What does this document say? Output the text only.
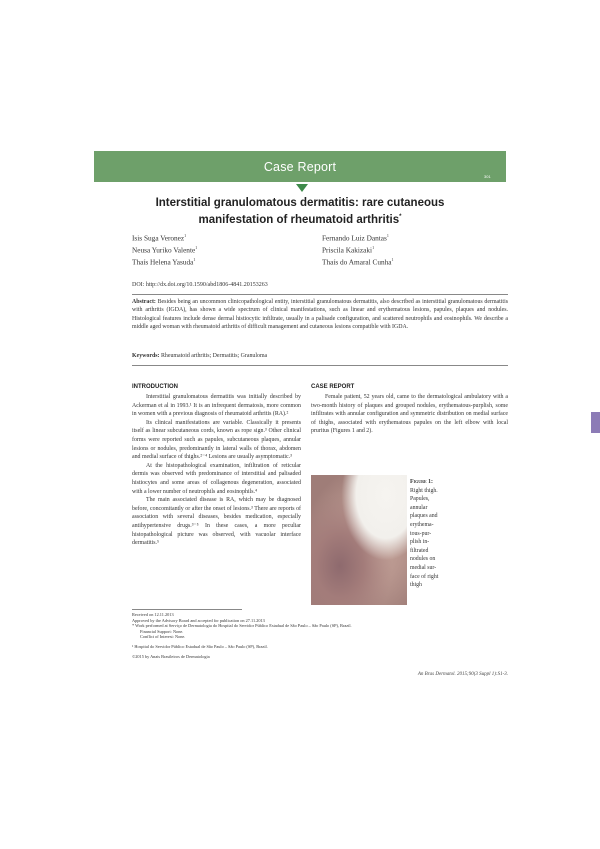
Case Report
301
Interstitial granulomatous dermatitis: rare cutaneous
manifestation of rheumatoid arthritis*
Isis Suga Veronez$^1$
Neusa Yuriko Valente$^1$
Thaís Helena Yasuda$^1$
Fernando Luiz Dantas$^1$
Priscila Kakizaki$^1$
Thaís do Amaral Cunha$^1$
DOI: http://dx.doi.org/10.1590/abd1806-4841.20153263
Abstract: Besides being an uncommon clinicopathological entity, interstitial granulomatous dermatitis, also described as interstitial granulomatous dermatitis with arthritis (IGDA), has shown a wide spectrum of clinical manifestations, such as linear and erythematous lesions, papules, plaques and nodules. Histological features include dense dermal histiocytic infiltrate, usually in a palisade configuration, and scattered neutrophils and eosinophils. We describe a middle aged woman with rheumatoid arthritis of difficult management and cutaneous lesions compatible with IGDA.
Keywords: Rheumatoid arthritis; Dermatitis; Granuloma
INTRODUCTION

Interstitial granulomatous dermatitis was initially described by Ackerman et al in 1993.¹ It is an infrequent dermatosis, more common in women with a previous diagnosis of rheumatoid arthritis (RA).²

Its clinical manifestations are variable. Classically it presents itself as linear subcutaneous cords, known as rope sign.³ Other clinical forms were reported such as papules, subcutaneous plaques, annular lesions or nodules, predominantly in lateral walls of thorax, abdomen and medial surface of thighs.²⁻⁴ Lesions are usually asymptomatic.³

At the histopathological examination, infiltration of reticular dermis was observed with predominance of interstitial and palisaded histiocytes and some areas of collagenous degeneration, associated with a lower number of neutrophils and eosinophils.⁴

The main associated disease is RA, which may be diagnosed before, concomitantly or after the onset of lesions.³ There are reports of association with several diseases, besides medication, especially antihypertensive drugs.³⁻⁵ In these cases, a more peculiar histopathological picture was observed, with vacuolar interface dermatitis.⁵

CASE REPORT

Female patient, 52 years old, came to the dermatological ambulatory with a two-month history of plaques and grouped nodules, erythematous-purplish, some infiltrates with annular configuration and symmetric distribution on medial surface of thighs, associated with erythematous papules on the left elbow with local pruritus (Figures 1 and 2).

Figure 1:
Right thigh.
Papules,
annular
plaques and
erythema-
tous-pur-
plish in-
filtrated
nodules on
medial sur-
face of right
thigh
Received on 12.11.2013
Approved by the Advisory Board and accepted for publication on 27.11.2013
* Work performed at Serviço de Dermatologia do Hospital do Servidor Público Estadual de São Paulo – São Paulo (SP), Brazil.
Financial Support: None.
Conflict of Interest: None.
¹ Hospital do Servidor Público Estadual de São Paulo – São Paulo (SP), Brazil.
©2015 by Anais Brasileiros de Dermatologia
An Bras Dermatol. 2015;90(3 Suppl 1):S1-3.
